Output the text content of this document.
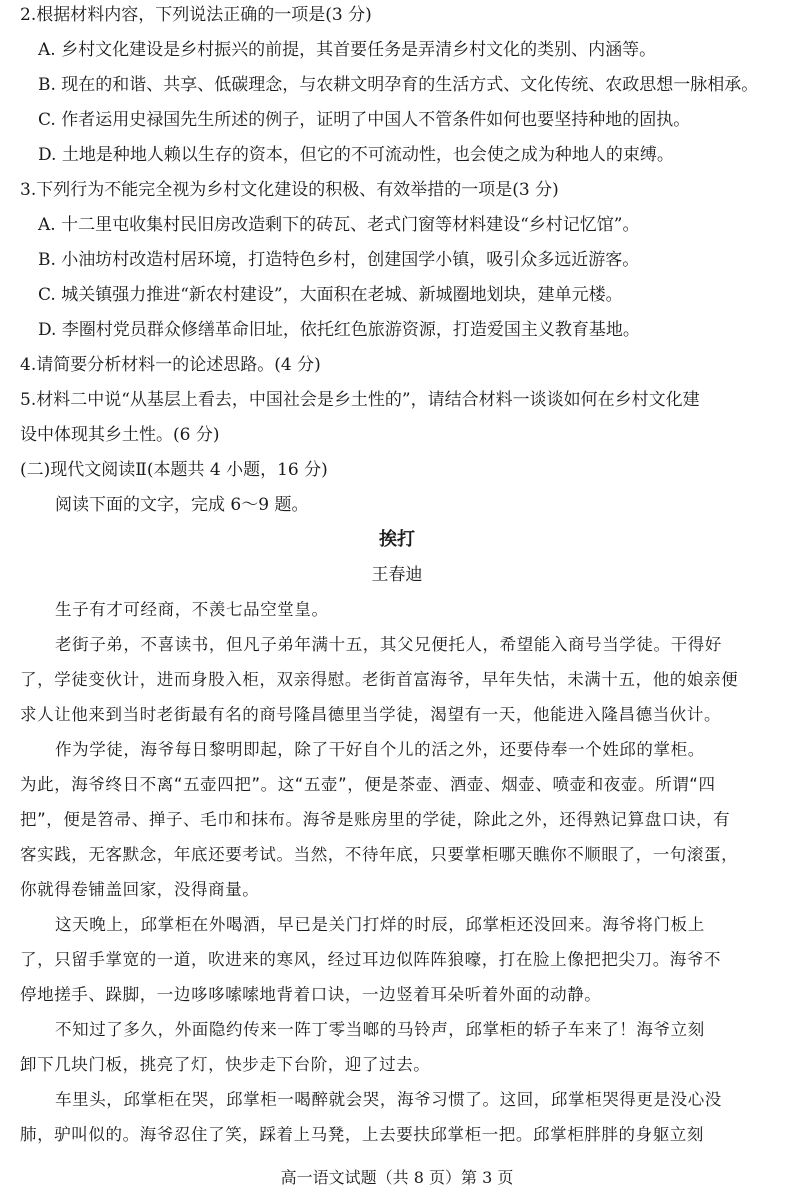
2.根据材料内容，下列说法正确的一项是(3 分)
A. 乡村文化建设是乡村振兴的前提，其首要任务是弄清乡村文化的类别、内涵等。
B. 现在的和谐、共享、低碳理念，与农耕文明孕育的生活方式、文化传统、农政思想一脉相承。
C. 作者运用史禄国先生所述的例子，证明了中国人不管条件如何也要坚持种地的固执。
D. 土地是种地人赖以生存的资本，但它的不可流动性，也会使之成为种地人的束缚。
3.下列行为不能完全视为乡村文化建设的积极、有效举措的一项是(3 分)
A. 十二里屯收集村民旧房改造剩下的砖瓦、老式门窗等材料建设“乡村记忆馆”。
B. 小油坊村改造村居环境，打造特色乡村，创建国学小镇，吸引众多远近游客。
C. 城关镇强力推进“新农村建设”，大面积在老城、新城圈地划块，建单元楼。
D. 李圈村党员群众修缮革命旧址，依托红色旅游资源，打造爱国主义教育基地。
4.请简要分析材料一的论述思路。(4 分)
5.材料二中说“从基层上看去，中国社会是乡土性的”，请结合材料一谈谈如何在乡村文化建
设中体现其乡土性。(6 分)
(二)现代文阅读Ⅱ(本题共 4 小题，16 分)
阅读下面的文字，完成 6～9 题。
挨打
王春迪
生子有才可经商，不羡七品空堂皇。
老街子弟，不喜读书，但凡子弟年满十五，其父兄便托人，希望能入商号当学徒。干得好
了，学徒变伙计，进而身股入柜，双亲得慰。老街首富海爷，早年失怙，未满十五，他的娘亲便
求人让他来到当时老街最有名的商号隆昌德里当学徒，渴望有一天，他能进入隆昌德当伙计。
作为学徒，海爷每日黎明即起，除了干好自个儿的活之外，还要侍奉一个姓邱的掌柜。
为此，海爷终日不离“五壶四把”。这“五壶”，便是茶壶、酒壶、烟壶、喷壶和夜壶。所谓“四
把”，便是笤帚、掸子、毛巾和抹布。海爷是账房里的学徒，除此之外，还得熟记算盘口诀，有
客实践，无客默念，年底还要考试。当然，不待年底，只要掌柜哪天瞧你不顺眼了，一句滚蛋，
你就得卷铺盖回家，没得商量。
这天晚上，邱掌柜在外喝酒，早已是关门打烊的时辰，邱掌柜还没回来。海爷将门板上
了，只留手掌宽的一道，吹进来的寒风，经过耳边似阵阵狼嚎，打在脸上像把把尖刀。海爷不
停地搓手、跺脚，一边哆哆嗦嗦地背着口诀，一边竖着耳朵听着外面的动静。
不知过了多久，外面隐约传来一阵丁零当啷的马铃声，邱掌柜的轿子车来了！海爷立刻
卸下几块门板，挑亮了灯，快步走下台阶，迎了过去。
车里头，邱掌柜在哭，邱掌柜一喝醉就会哭，海爷习惯了。这回，邱掌柜哭得更是没心没
肺，驴叫似的。海爷忍住了笑，踩着上马凳，上去要扶邱掌柜一把。邱掌柜胖胖的身躯立刻
高一语文试题（共 8 页）第 3 页
